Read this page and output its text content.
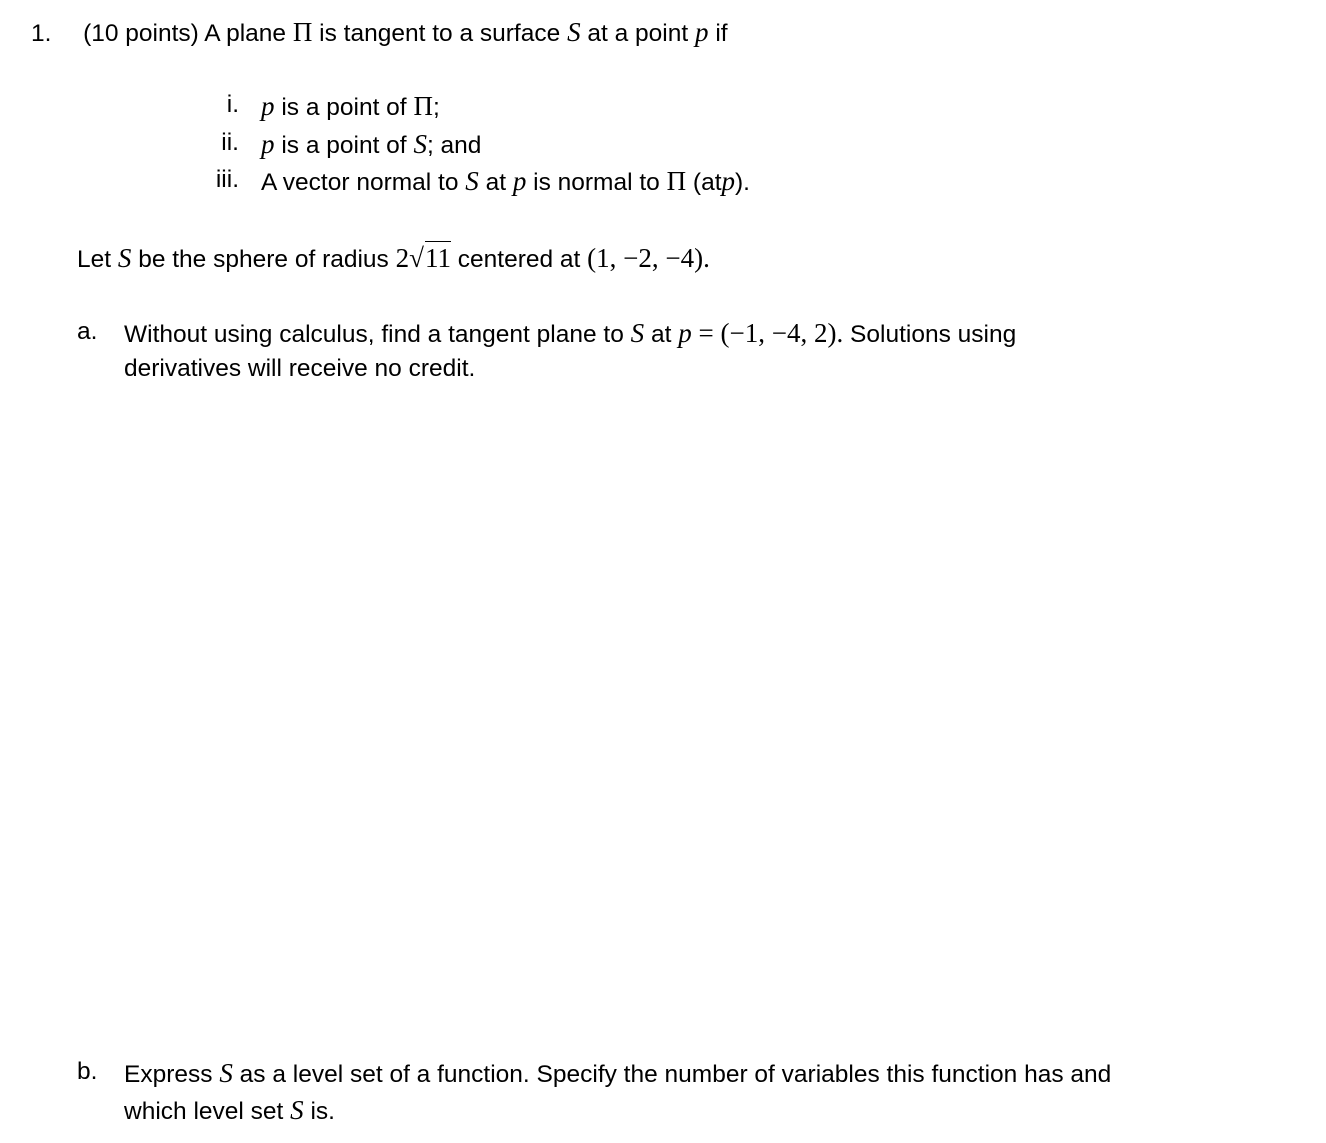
1. (10 points) A plane Π is tangent to a surface S at a point p if
i. p is a point of Π;
ii. p is a point of S; and
iii. A vector normal to S at p is normal to Π (atp).
Let S be the sphere of radius 2√11 centered at (1, −2, −4).
a. Without using calculus, find a tangent plane to S at p = (−1, −4, 2). Solutions using
derivatives will receive no credit.
b. Express S as a level set of a function. Specify the number of variables this function has and
which level set S is.
